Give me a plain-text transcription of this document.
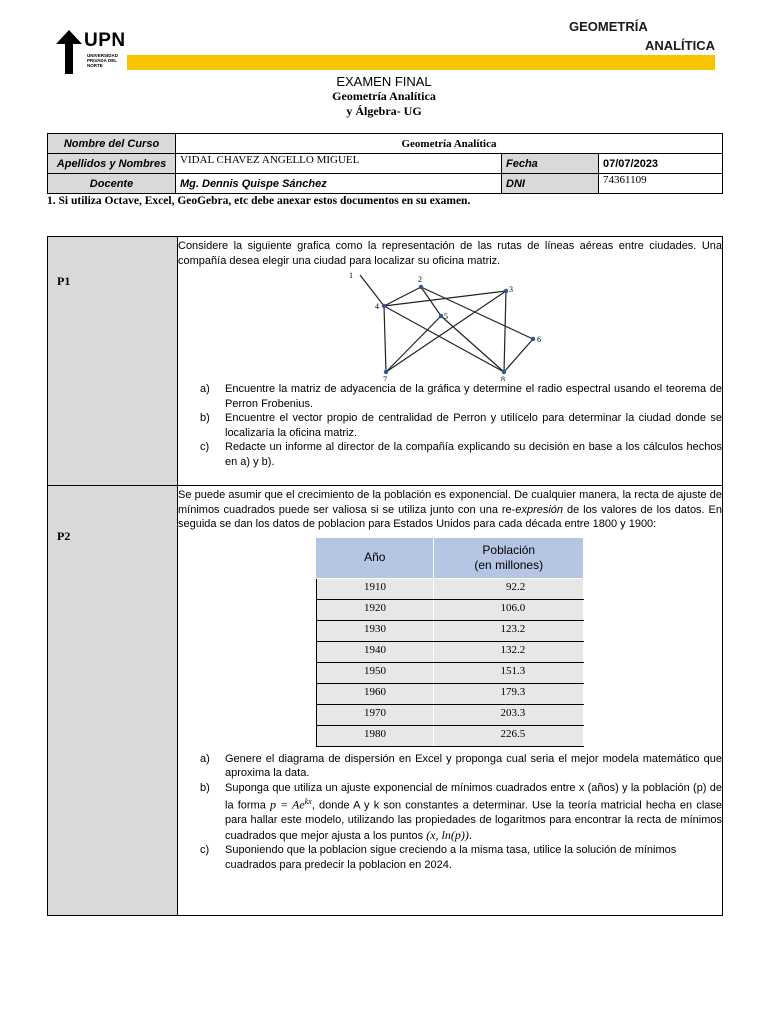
UPN
UNIVERSIDAD PRIVADA DEL NORTE
GEOMETRÍA
ANALÍTICA
EXAMEN FINAL
Geometría Analítica
y Álgebra- UG
Nombre del Curso	Geometría Analítica		
Apellidos y Nombres	VIDAL CHAVEZ ANGELLO MIGUEL	Fecha	07/07/2023
Docente	Mg. Dennis Quispe Sánchez	DNI	74361109
1. Si utiliza Octave, Excel, GeoGebra, etc debe anexar estos documentos en su examen.
P1

Considere la siguiente grafica como la representación de las rutas de líneas aéreas entre ciudades. Una compañía desea elegir una ciudad para localizar su oficina matriz.
1	2
3
4
5
6
7	8
a)	Encuentre la matriz de adyacencia de la gráfica y determine el radio espectral usando el teorema de Perron Frobenius.
b)	Encuentre el vector propio de centralidad de Perron y utilícelo para determinar la ciudad donde se localizaría la oficina matriz.
c)	Redacte un informe al director de la compañía explicando su decisión en base a los cálculos hechos en a) y b).

P2

Se puede asumir que el crecimiento de la población es exponencial. De cualquier manera, la recta de ajuste de mínimos cuadrados puede ser valiosa si se utiliza junto con una re-expresión de los valores de los datos. En seguida se dan los datos de poblacion para Estados Unidos para cada década entre 1800 y 1900:
Año	Población
(en millones)
1910	92.2
1920	106.0
1930	123.2
1940	132.2
1950	151.3
1960	179.3
1970	203.3
1980	226.5
a)	Genere el diagrama de dispersión en Excel y proponga cual seria el mejor modela matemático que aproxima la data.
b)	Suponga que utiliza un ajuste exponencial de mínimos cuadrados entre x (años) y la población (p) de la forma $p = Ae^{kx}$, donde A y k son constantes a determinar. Use la teoría matricial hecha en clase para hallar este modelo, utilizando las propiedades de logaritmos para encontrar la recta de mínimos cuadrados que mejor ajusta a los puntos (x, ln(p)).
c)	Suponiendo que la poblacion sigue creciendo a la misma tasa, utilice la solución de mínimos cuadrados para predecir la poblacion en 2024.
